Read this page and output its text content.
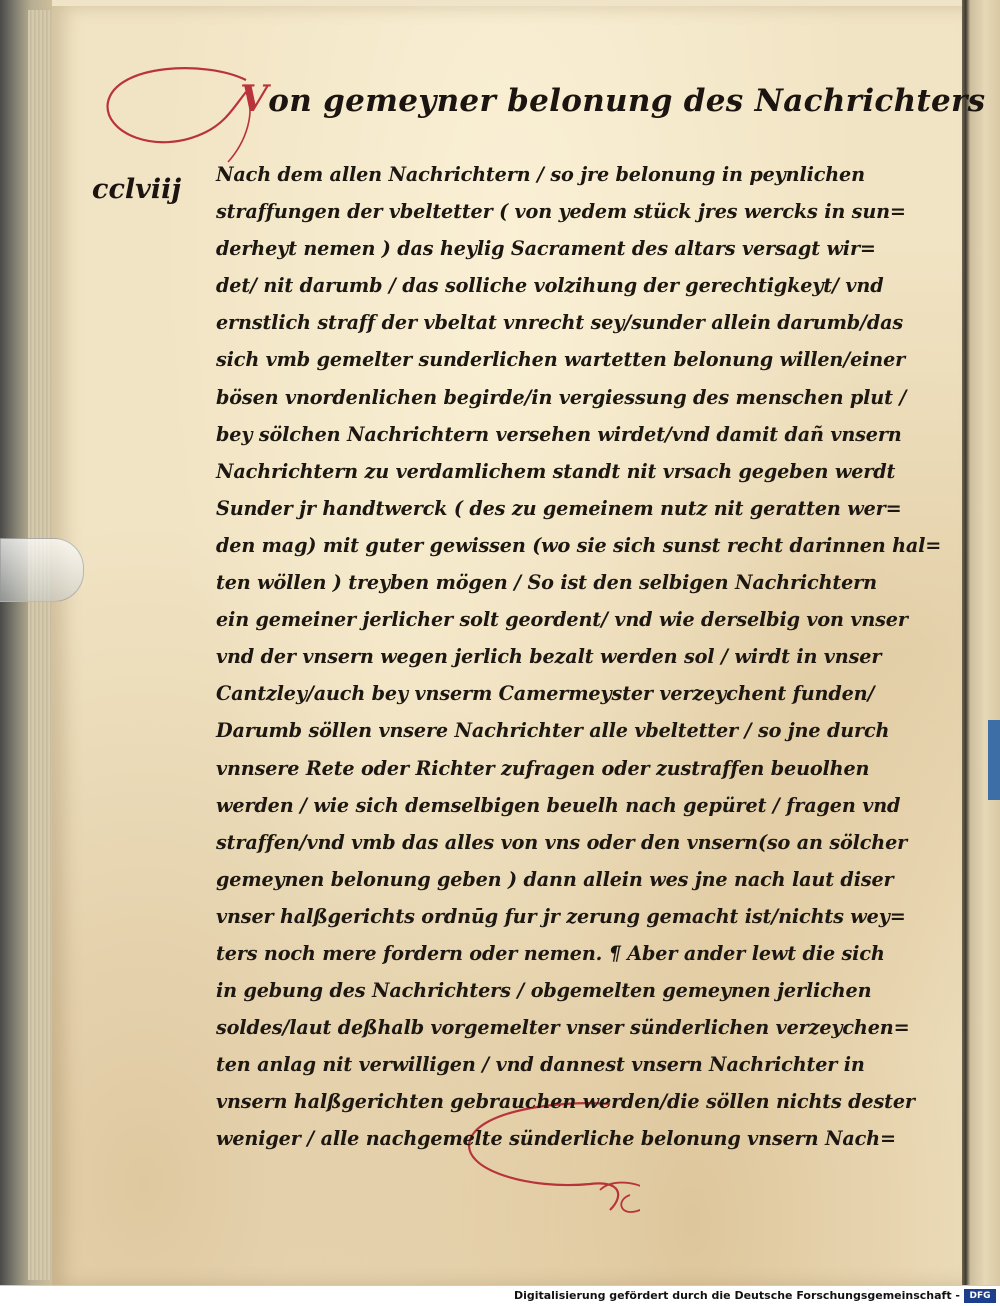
Von gemeyner belonung des Nachrichters
cclviij Nach dem allen Nachrichtern / so jre belonung in peynlichen
straffungen der vbeltetter ( von yedem stück jres wercks in sun=
derheyt nemen ) das heylig Sacrament des altars versagt wir=
det/ nit darumb / das solliche volzihung der gerechtigkeyt/ vnd
ernstlich straff der vbeltat vnrecht sey/sunder allein darumb/das
sich vmb gemelter sunderlichen wartetten belonung willen/einer
bösen vnordenlichen begirde/in vergiessung des menschen plut /
bey sölchen Nachrichtern versehen wirdet/vnd damit dañ vnsern
Nachrichtern zu verdamlichem standt nit vrsach gegeben werdt
Sunder jr handtwerck ( des zu gemeinem nutz nit geratten wer=
den mag) mit guter gewissen (wo sie sich sunst recht darinnen hal=
ten wöllen ) treyben mögen / So ist den selbigen Nachrichtern
ein gemeiner jerlicher solt geordent/ vnd wie derselbig von vnser
vnd der vnsern wegen jerlich bezalt werden sol / wirdt in vnser
Cantzley/auch bey vnserm Camermeyster verzeychent funden/
Darumb söllen vnsere Nachrichter alle vbeltetter / so jne durch
vnnsere Rete oder Richter zufragen oder zustraffen beuolhen
werden / wie sich demselbigen beuelh nach gepüret / fragen vnd
straffen/vnd vmb das alles von vns oder den vnsern(so an sölcher
gemeynen belonung geben ) dann allein wes jne nach laut diser
vnser halßgerichts ordnūg fur jr zerung gemacht ist/nichts wey=
ters noch mere fordern oder nemen. ¶ Aber ander lewt die sich
in gebung des Nachrichters / obgemelten gemeynen jerlichen
soldes/laut deßhalb vorgemelter vnser sünderlichen verzeychen=
ten anlag nit verwilligen / vnd dannest vnsern Nachrichter in
vnsern halßgerichten gebrauchen werden/die söllen nichts dester
weniger / alle nachgemelte sünderliche belonung vnsern Nach=
Digitalisierung gefördert durch die Deutsche Forschungsgemeinschaft -	DFG
